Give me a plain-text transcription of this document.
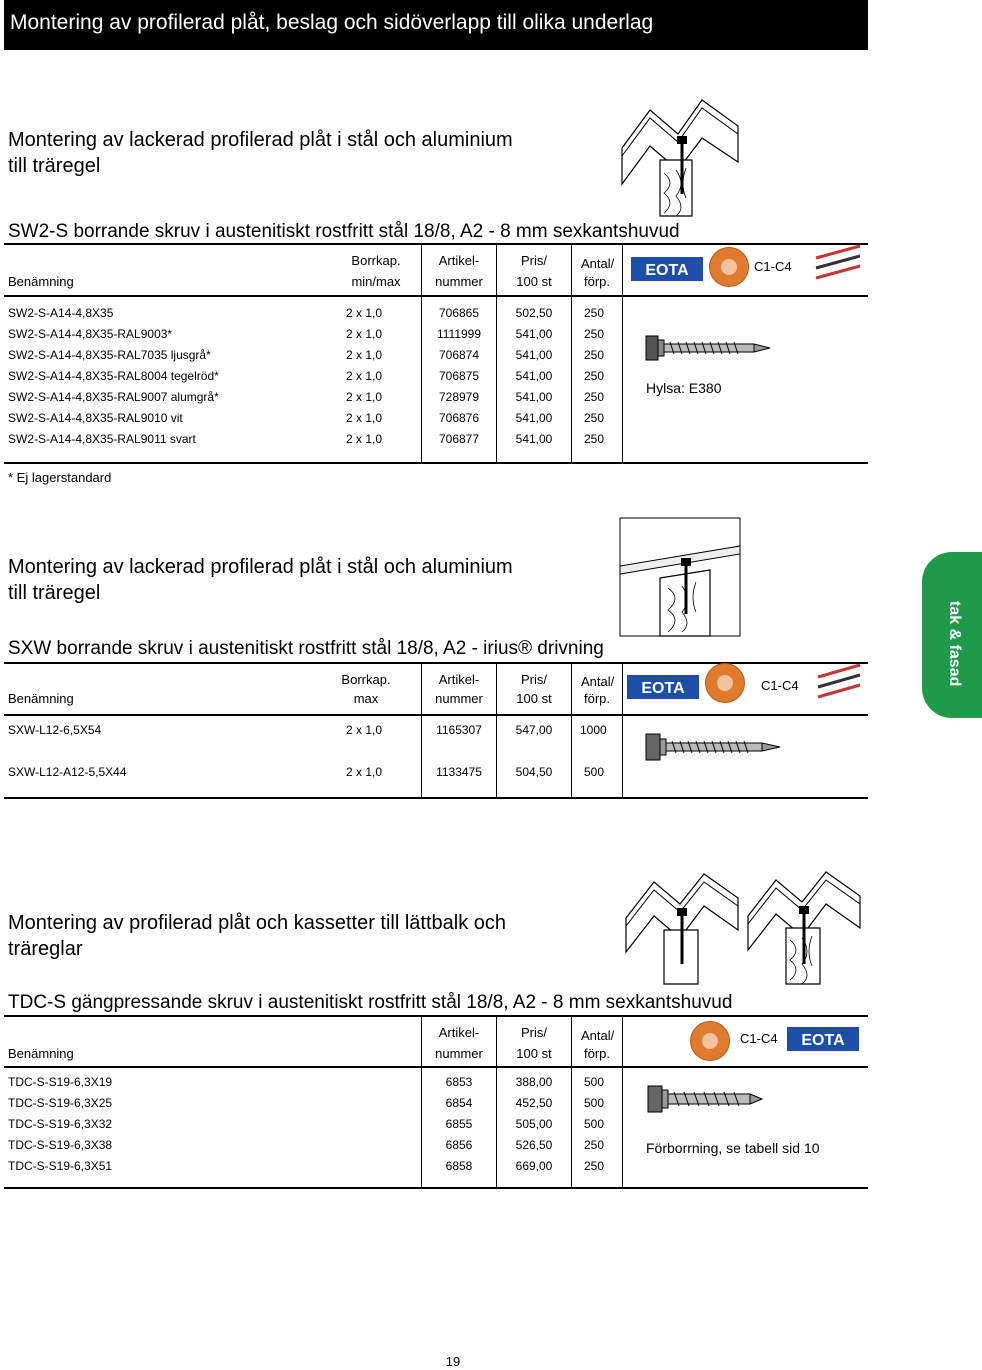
Montering av profilerad plåt, beslag och sidöverlapp till olika underlag
tak & fasad
Montering av lackerad profilerad plåt i stål och aluminium
till träregel
SW2-S borrande skruv i austenitiskt rostfritt stål 18/8, A2 - 8 mm sexkantshuvud
Benämning
Borrkap.
min/max
Artikel-
nummer
Pris/
100 st
Antal/
förp.
EOTA	C1-C4
SW2-S-A14-4,8X35	2 x 1,0	706865	502,50	250
SW2-S-A14-4,8X35-RAL9003*	2 x 1,0	1111999	541,00	250
SW2-S-A14-4,8X35-RAL7035 ljusgrå*	2 x 1,0	706874	541,00	250
SW2-S-A14-4,8X35-RAL8004 tegelröd*	2 x 1,0	706875	541,00	250
SW2-S-A14-4,8X35-RAL9007 alumgrå*	2 x 1,0	728979	541,00	250
SW2-S-A14-4,8X35-RAL9010 vit	2 x 1,0	706876	541,00	250
SW2-S-A14-4,8X35-RAL9011 svart	2 x 1,0	706877	541,00	250
Hylsa: E380
* Ej lagerstandard
Montering av lackerad profilerad plåt i stål och aluminium
till träregel
SXW borrande skruv i austenitiskt rostfritt stål 18/8, A2 - irius® drivning
Benämning
Borrkap.
max
Artikel-
nummer
Pris/
100 st
Antal/
förp.
EOTA	C1-C4
SXW-L12-6,5X54	2 x 1,0	1165307	547,00	1000
SXW-L12-A12-5,5X44	2 x 1,0	1133475	504,50	500
Montering av profilerad plåt och kassetter till lättbalk och
träreglar
TDC-S gängpressande skruv i austenitiskt rostfritt stål 18/8, A2 - 8 mm sexkantshuvud
Benämning
Artikel-
nummer
Pris/
100 st
Antal/
förp.
C1-C4 EOTA
TDC-S-S19-6,3X19	6853	388,00	500
TDC-S-S19-6,3X25	6854	452,50	500
TDC-S-S19-6,3X32	6855	505,00	500
TDC-S-S19-6,3X38	6856	526,50	250
TDC-S-S19-6,3X51	6858	669,00	250
Förborrning, se tabell sid 10
19
